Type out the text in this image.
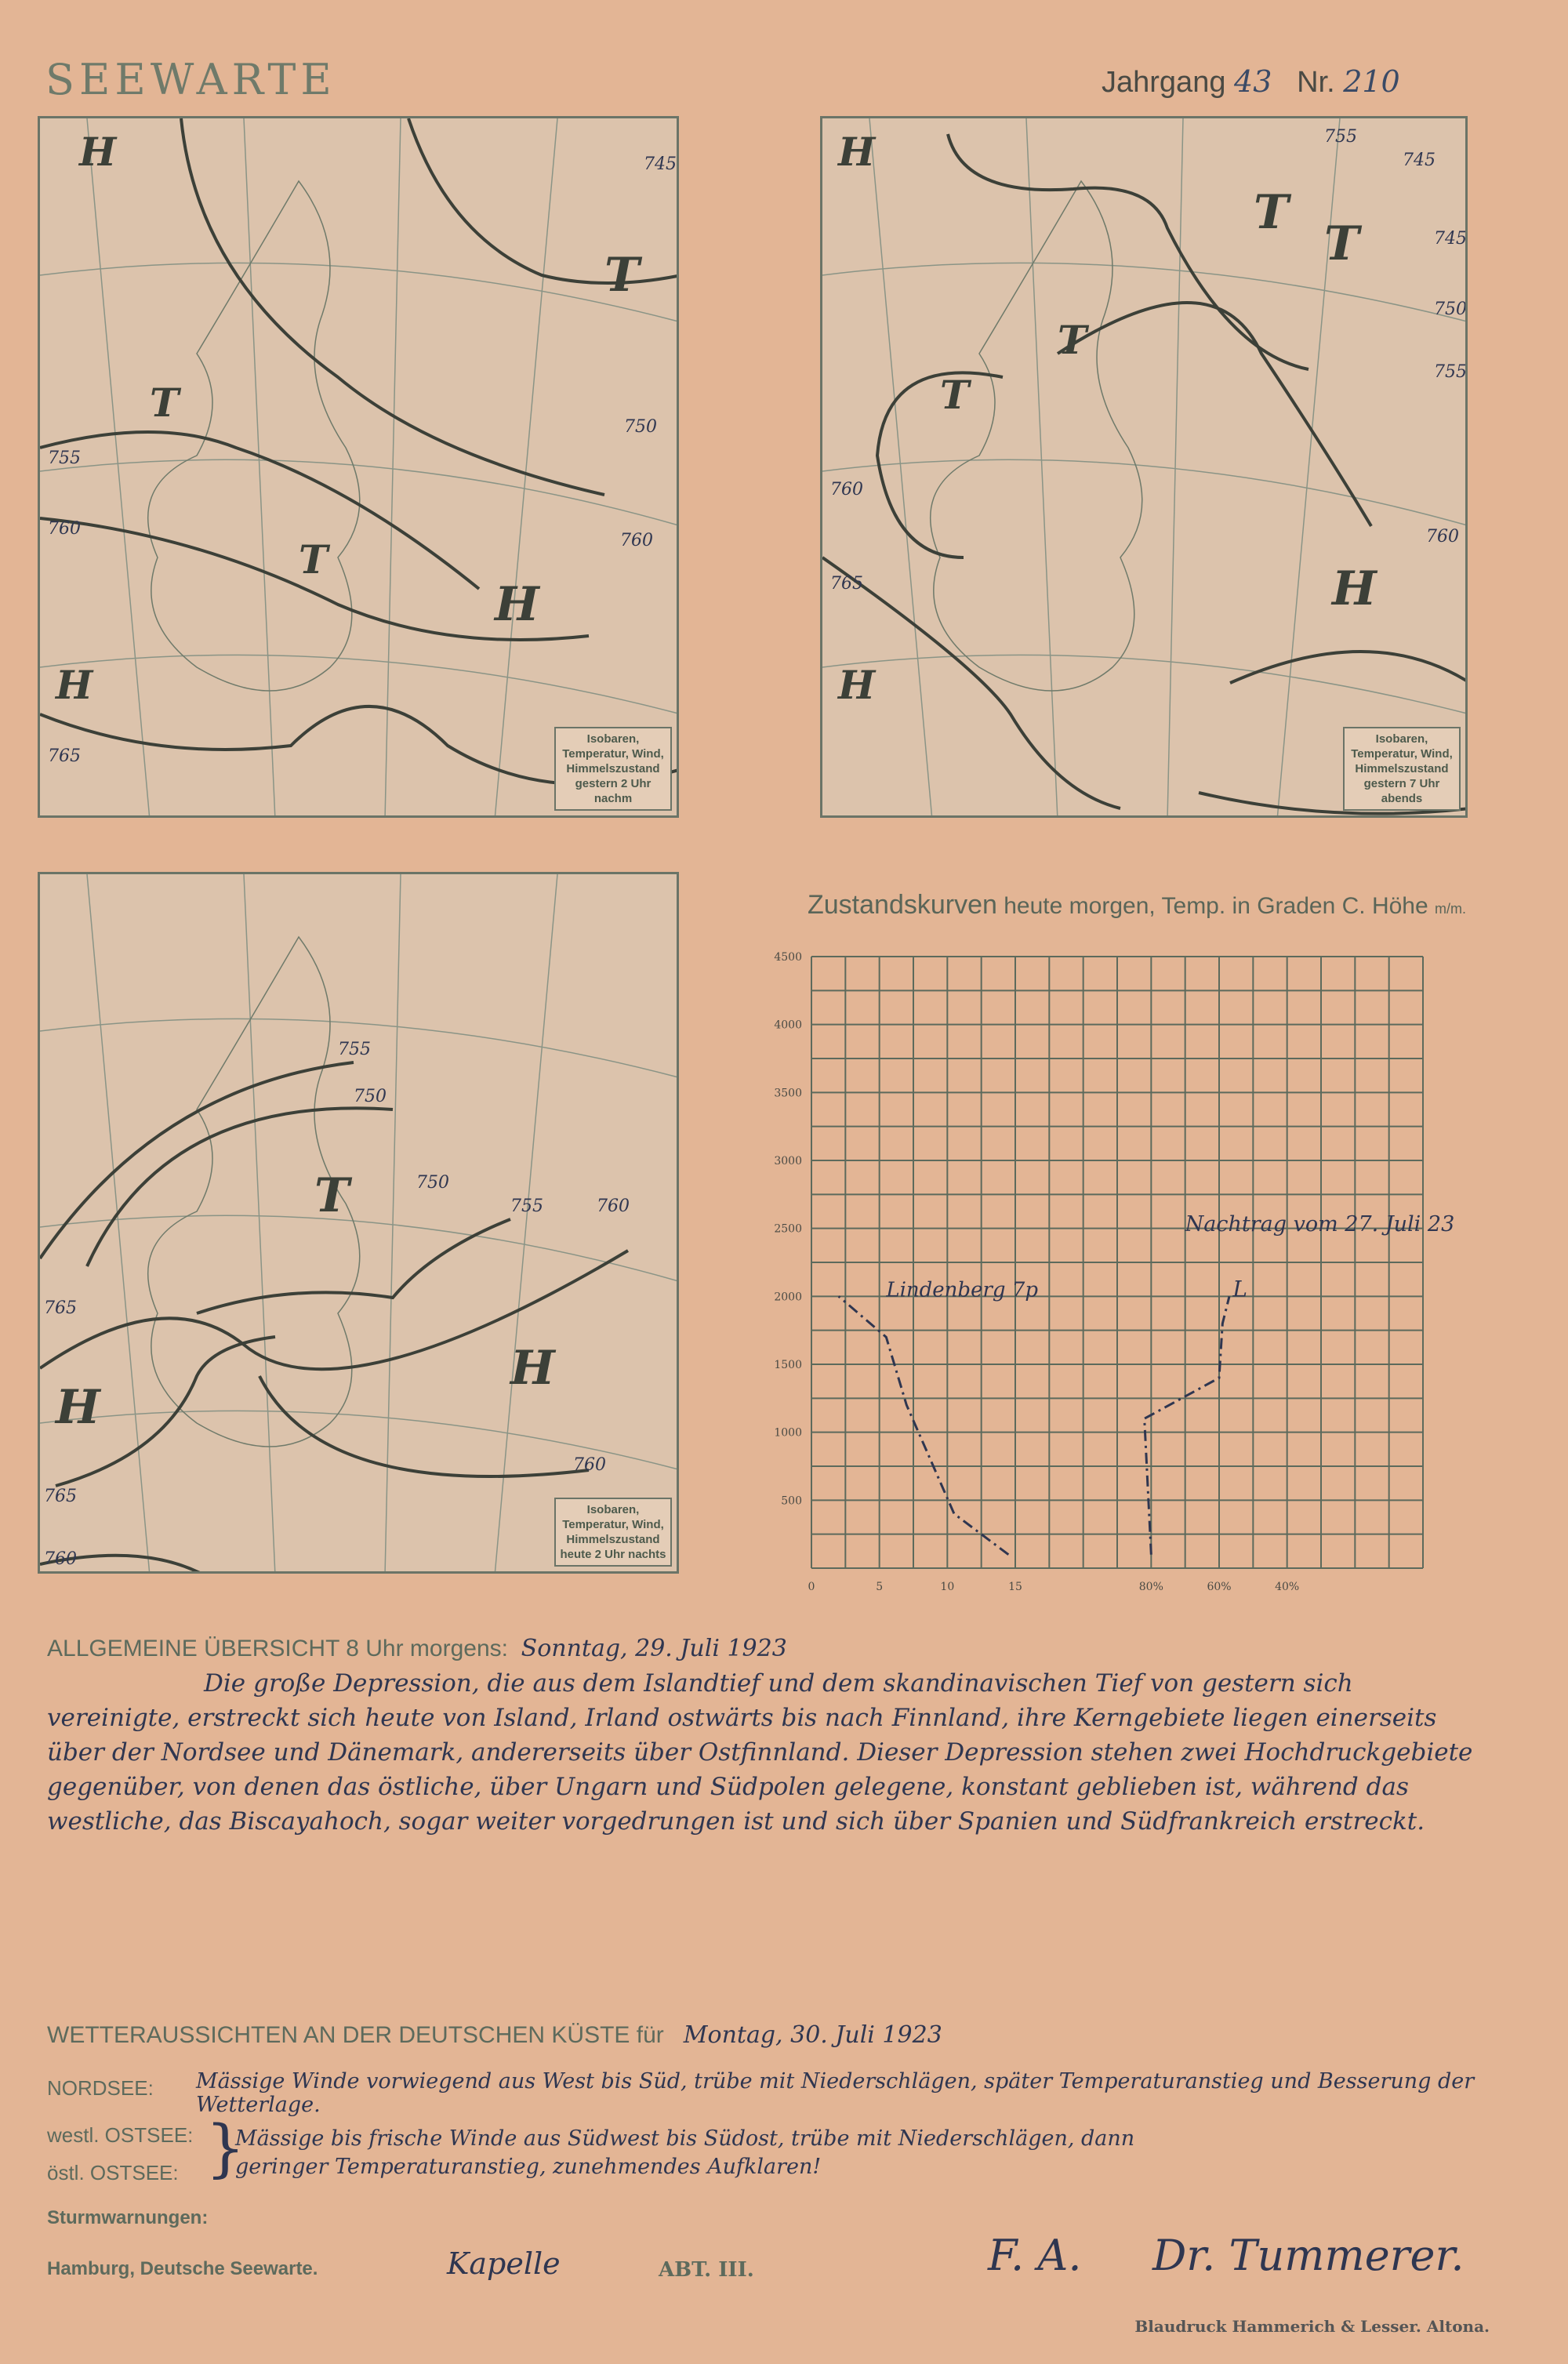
SEEWARTE	Jahrgang 43 Nr. 210
H
T
T
T
H
H
760
755
750
745
760
765
Isobaren,
Temperatur, Wind,
Himmelszustand
gestern 2 Uhr nachm
H
T
T
T
T
H
H
755
745
745
750
755
760
760
765
Isobaren,
Temperatur, Wind,
Himmelszustand
gestern 7 Uhr abends
T
H
H
755
750
750
755	760
760
765
765
760
Isobaren,
Temperatur, Wind,
Himmelszustand
heute 2 Uhr nachts
Zustandskurven heute morgen, Temp. in Graden C. Höhe m/m.
500
1000
1500
2000
2500
3000
3500
4000
4500
0	5	10	15	80%	60%	40%
Nachtrag vom 27. Juli 23
Lindenberg 7p	L
ALLGEMEINE ÜBERSICHT 8 Uhr morgens: Sonntag, 29. Juli 1923
Die große Depression, die aus dem Islandtief und dem skandinavischen Tief von gestern sich vereinigte, erstreckt sich heute von Island, Irland ostwärts bis nach Finnland, ihre Kerngebiete liegen einerseits über der Nordsee und Dänemark, andererseits über Ostfinnland. Dieser Depression stehen zwei Hochdruckgebiete gegenüber, von denen das östliche, über Ungarn und Südpolen gelegene, konstant geblieben ist, während das westliche, das Biscayahoch, sogar weiter vorgedrungen ist und sich über Spanien und Südfrankreich erstreckt.
WETTERAUSSICHTEN AN DER DEUTSCHEN KÜSTE für Montag, 30. Juli 1923
NORDSEE: Mässige Winde vorwiegend aus West bis Süd, trübe mit Niederschlägen, später Temperaturanstieg und Besserung der Wetterlage.
westl. OSTSEE:
östl. OSTSEE: }
Mässige bis frische Winde aus Südwest bis Südost, trübe mit Niederschlägen, dann
geringer Temperaturanstieg, zunehmendes Aufklaren!
Sturmwarnungen:
Hamburg, Deutsche Seewarte.	Kapelle	ABT. III.	F. A. Dr. Tummerer.
Blaudruck Hammerich & Lesser. Altona.
